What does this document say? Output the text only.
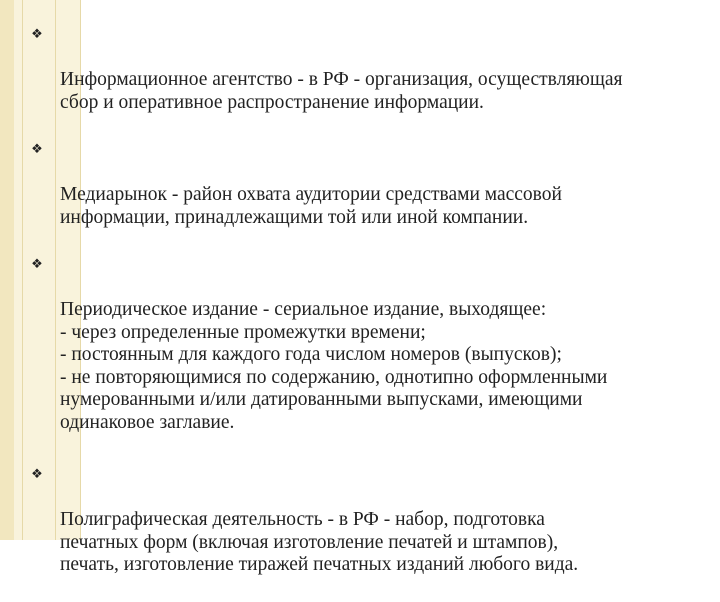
❖

Информационное агентство - в РФ - организация, осуществляющая
сбор и оперативное распространение информации.

❖

Медиарынок - район охвата аудитории средствами массовой
информации, принадлежащими той или иной компании.

❖

Периодическое издание - сериальное издание, выходящее:
- через определенные промежутки времени;
- постоянным для каждого года числом номеров (выпусков);
- не повторяющимися по содержанию, однотипно оформленными
нумерованными и/или датированными выпусками, имеющими
одинаковое заглавие.

❖

Полиграфическая деятельность - в РФ - набор, подготовка
печатных форм (включая изготовление печатей и штампов),
печать, изготовление тиражей печатных изданий любого вида.
